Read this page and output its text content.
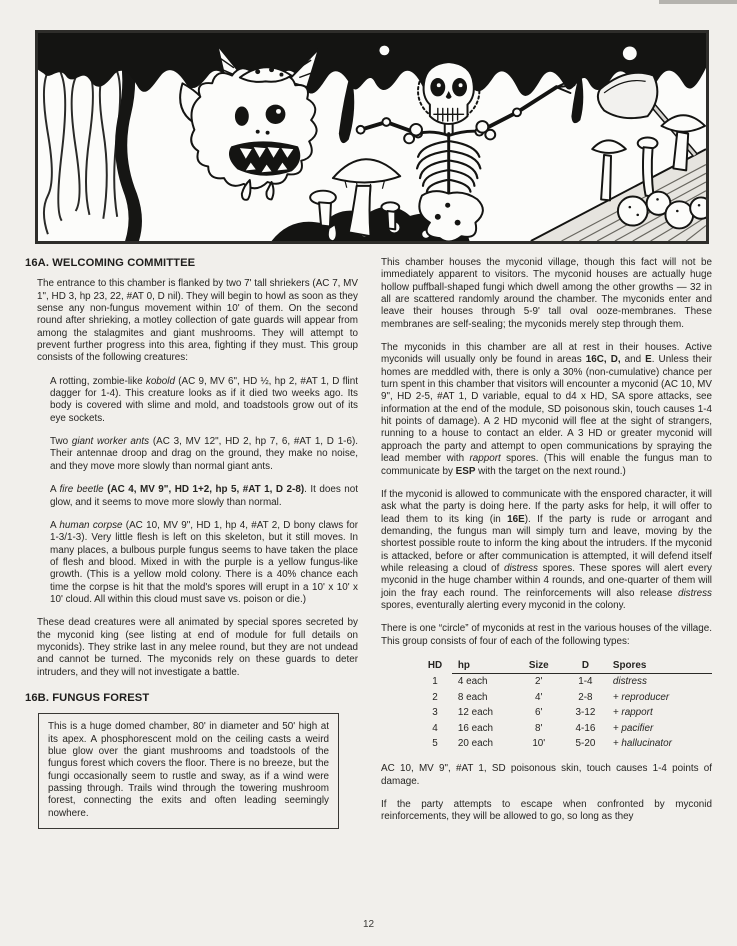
16A. WELCOMING COMMITTEE

The entrance to this chamber is flanked by two 7' tall shriekers (AC 7, MV 1", HD 3, hp 23, 22, #AT 0, D nil). They will begin to howl as soon as they sense any non-fungus movement within 10' of them. On the second round after shrieking, a motley collection of gate guards will appear from among the stalagmites and giant mushrooms. They will attempt to prevent further progress into this area, fighting if they must. This group consists of the following creatures:

A rotting, zombie-like kobold (AC 9, MV 6", HD ½, hp 2, #AT 1, D flint dagger for 1-4). This creature looks as if it died two weeks ago. Its body is covered with slime and mold, and toadstools grow out of its eye sockets.

Two giant worker ants (AC 3, MV 12", HD 2, hp 7, 6, #AT 1, D 1-6). Their antennae droop and drag on the ground, they make no noise, and they move more slowly than normal giant ants.

A fire beetle (AC 4, MV 9", HD 1+2, hp 5, #AT 1, D 2-8). It does not glow, and it seems to move more slowly than normal.

A human corpse (AC 10, MV 9", HD 1, hp 4, #AT 2, D bony claws for 1-3/1-3). Very little flesh is left on this skeleton, but it still moves. In many places, a bulbous purple fungus seems to have taken the place of flesh and blood. Mixed in with the purple is a yellow fungus-like growth. (This is a yellow mold colony. There is a 40% chance each time the corpse is hit that the mold's spores will erupt in a 10' x 10' x 10' cloud. All within this cloud must save vs. poison or die.)

These dead creatures were all animated by special spores secreted by the myconid king (see listing at end of module for full details on myconids). They strike last in any melee round, but they are not undead and cannot be turned. The myconids rely on these guards to deter intruders, and they will not investigate a battle.

16B. FUNGUS FOREST

This is a huge domed chamber, 80' in diameter and 50' high at its apex. A phosphorescent mold on the ceiling casts a weird blue glow over the giant mushrooms and toadstools of the fungus forest which covers the floor. There is no breeze, but the fungi occasionally seem to rustle and sway, as if a wind were passing through. Trails wind through the towering mushroom forest, connecting the exits and often leading seemingly nowhere.

This chamber houses the myconid village, though this fact will not be immediately apparent to visitors. The myconid houses are actually huge hollow puffball-shaped fungi which dwell among the other growths — 32 in all are scattered randomly around the chamber. The myconids enter and leave their houses through 5-9' tall oval ooze-membranes. These membranes are self-sealing; the myconids merely step through them.

The myconids in this chamber are all at rest in their houses. Active myconids will usually only be found in areas 16C, D, and E. Unless their homes are meddled with, there is only a 30% (non-cumulative) chance per turn spent in this chamber that visitors will encounter a myconid (AC 10, MV 9", HD 2-5, #AT 1, D variable, equal to d4 x HD, SA spore attacks, see information at the end of the module, SD poisonous skin, touch causes 1-4 hit points of damage). A 2 HD myconid will flee at the sight of strangers, running to a house to contact an elder. A 3 HD or greater myconid will approach the party and attempt to open communications by spraying the lead member with rapport spores. (This will enable the fungus man to communicate by ESP with the target on the next round.)

If the myconid is allowed to communicate with the enspored character, it will ask what the party is doing here. If the party asks for help, it will offer to lead them to its king (in 16E). If the party is rude or arrogant and demanding, the fungus man will simply turn and leave, moving by the shortest possible route to inform the king about the intruders. If the myconid is attacked, before or after communication is attempted, it will defend itself while releasing a cloud of distress spores. These spores will alert every myconid in the huge chamber within 4 rounds, and one-quarter of them will join the fray each round. The reinforcements will also release distress spores, eventurally alerting every myconid in the colony.

There is one “circle” of myconids at rest in the various houses of the village. This group consists of four of each of the following types:

HD	hp	Size	D	Spores
1	4 each	2'	1-4	distress
2	8 each	4'	2-8	+ reproducer
3	12 each	6'	3-12	+ rapport
4	16 each	8'	4-16	+ pacifier
5	20 each	10'	5-20	+ hallucinator

AC 10, MV 9", #AT 1, SD poisonous skin, touch causes 1-4 points of damage.

If the party attempts to escape when confronted by myconid reinforcements, they will be allowed to go, so long as they

12
